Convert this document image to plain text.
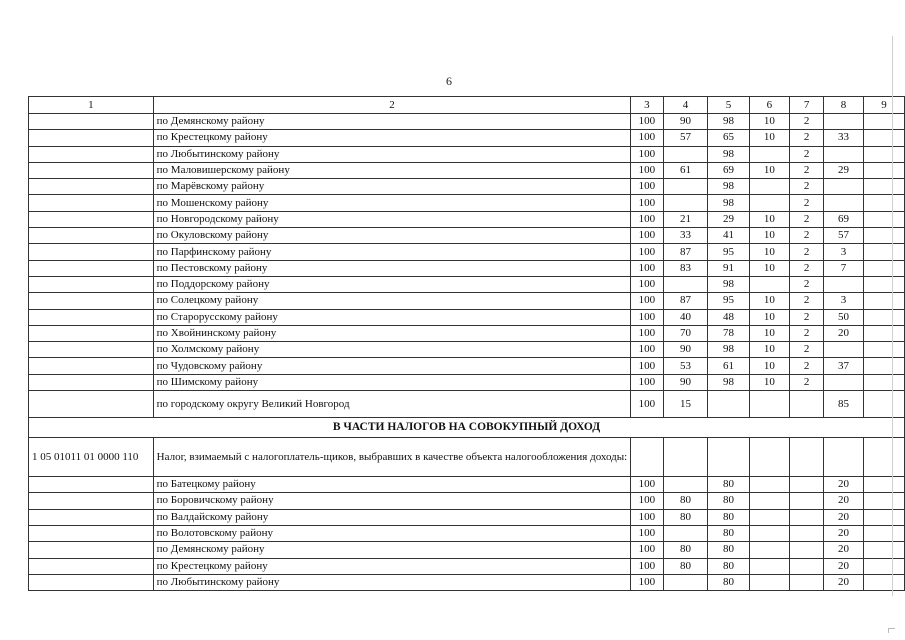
6
1	2	3	4	5	6	7	8	9
	по Демянскому району	100	90	98	10	2		
	по Крестецкому району	100	57	65	10	2	33	
	по Любытинскому району	100		98		2		
	по Маловишерскому району	100	61	69	10	2	29	
	по Марёвскому району	100		98		2		
	по Мошенскому району	100		98		2		
	по Новгородскому району	100	21	29	10	2	69	
	по Окуловскому району	100	33	41	10	2	57	
	по Парфинскому району	100	87	95	10	2	3	
	по Пестовскому району	100	83	91	10	2	7	
	по Поддорскому району	100		98		2		
	по Солецкому району	100	87	95	10	2	3	
	по Старорусскому району	100	40	48	10	2	50	
	по Хвойнинскому району	100	70	78	10	2	20	
	по Холмскому району	100	90	98	10	2		
	по Чудовскому району	100	53	61	10	2	37	
	по Шимскому району	100	90	98	10	2		
	по городскому округу Великий Новгород	100	15				85	
В ЧАСТИ НАЛОГОВ НА СОВОКУПНЫЙ ДОХОД								
1 05 01011 01 0000 110	Налог, взимаемый с налогоплатель-щиков, выбравших в качестве объекта налогообложения доходы:							
	по Батецкому району	100		80			20	
	по Боровичскому району	100	80	80			20	
	по Валдайскому району	100	80	80			20	
	по Волотовскому району	100		80			20	
	по Демянскому району	100	80	80			20	
	по Крестецкому району	100	80	80			20	
	по Любытинскому району	100		80			20	
